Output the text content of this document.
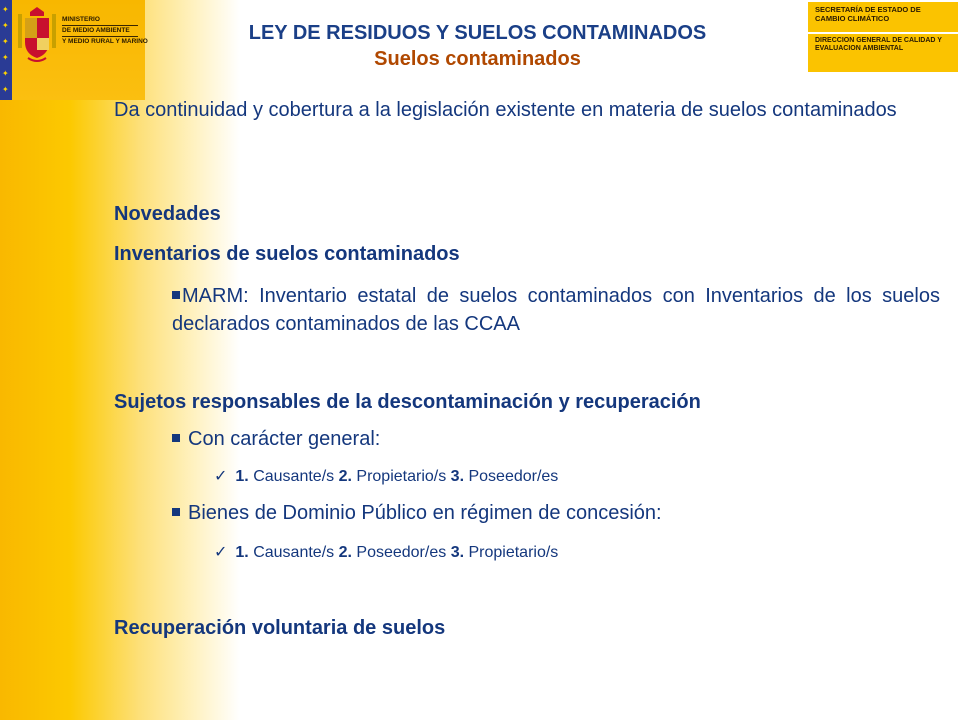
✦
✦
✦
✦
✦
✦
MINISTERIO
DE MEDIO AMBIENTE
Y MEDIO RURAL Y MARINO
SECRETARÍA DE ESTADO DE CAMBIO CLIMÁTICO
DIRECCION GENERAL DE CALIDAD Y EVALUACION AMBIENTAL
LEY DE RESIDUOS Y SUELOS CONTAMINADOS
Suelos contaminados
Da continuidad y cobertura a la legislación existente en materia de suelos contaminados
Novedades
Inventarios de suelos contaminados
MARM: Inventario estatal de suelos contaminados con Inventarios de los suelos declarados contaminados de las CCAA
Sujetos responsables de la descontaminación y recuperación
Con carácter general:
✓ 1. Causante/s 2. Propietario/s 3. Poseedor/es
Bienes de Dominio Público en régimen de concesión:
✓ 1. Causante/s 2. Poseedor/es 3. Propietario/s
Recuperación voluntaria de suelos
